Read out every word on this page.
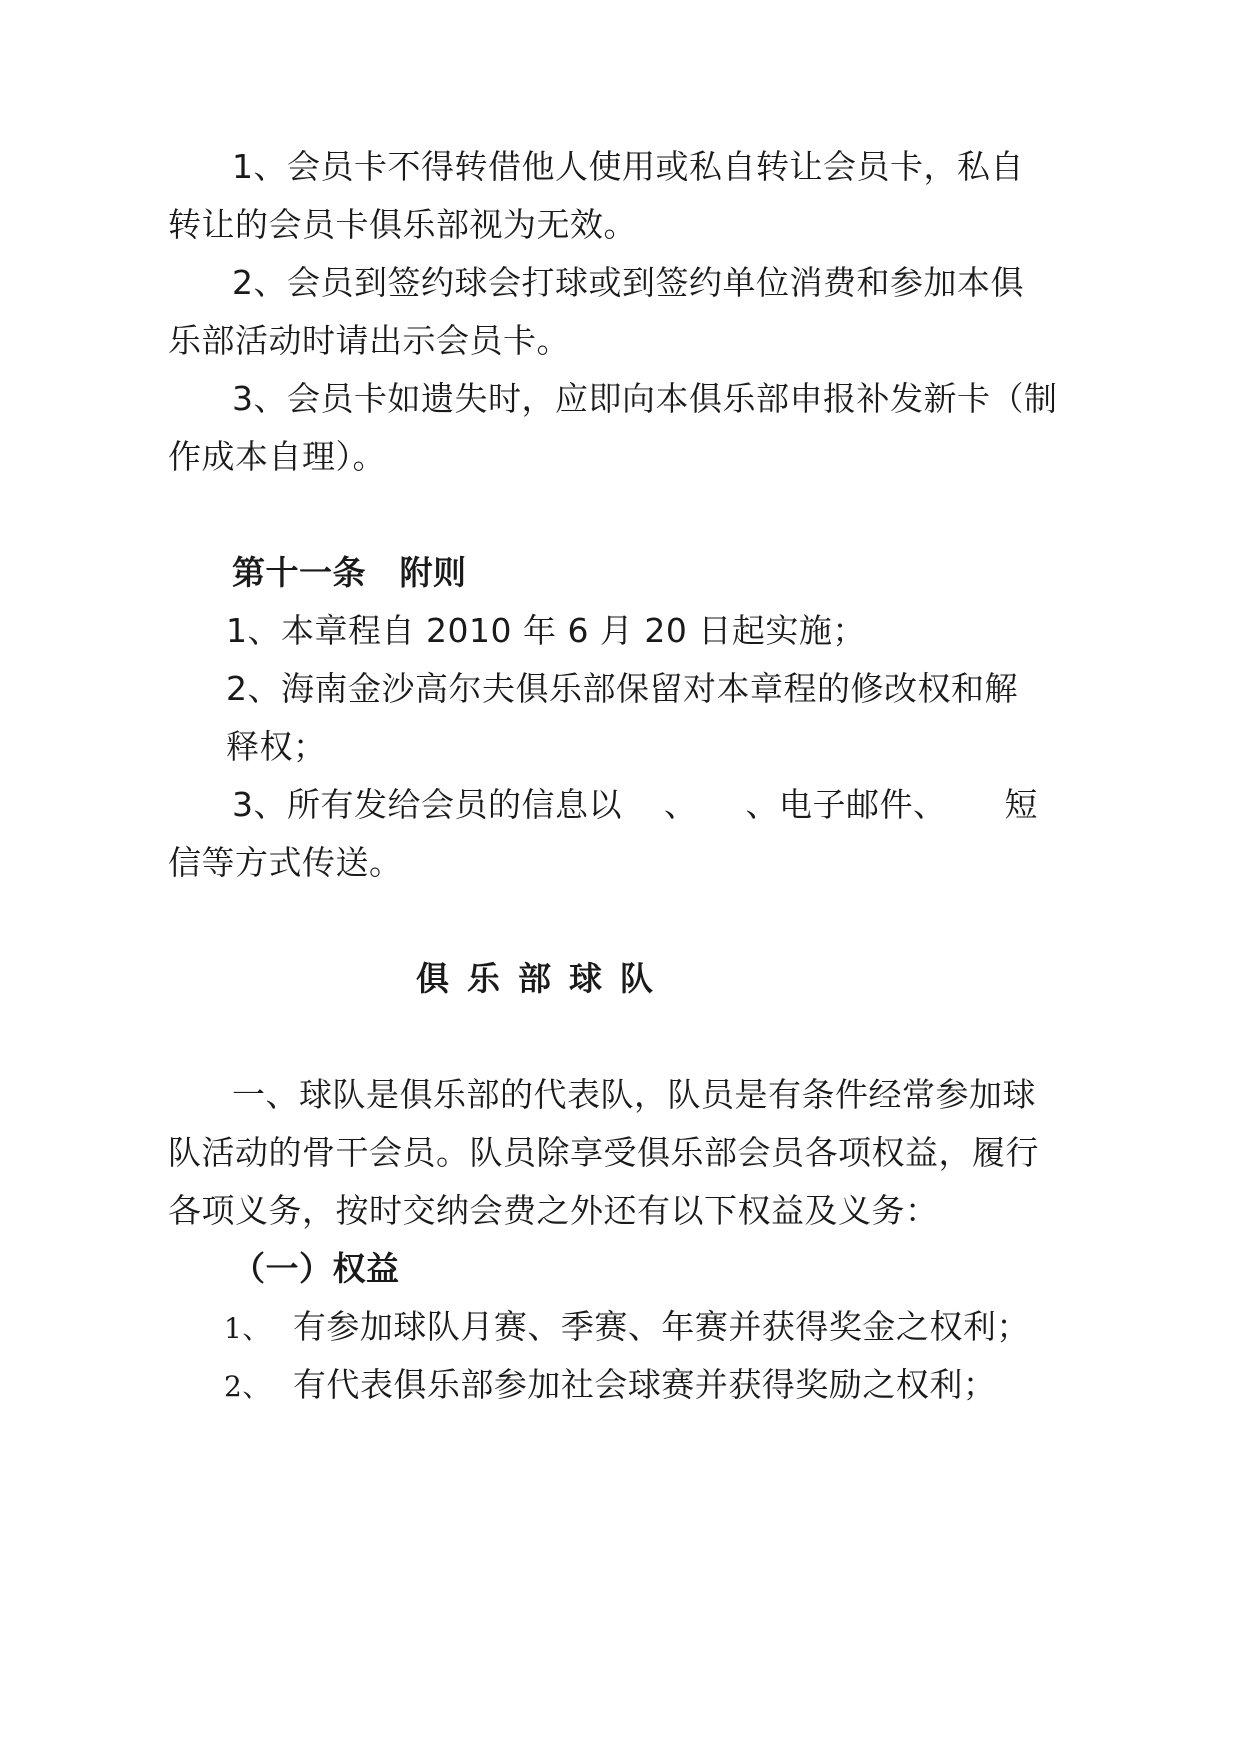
1、会员卡不得转借他人使用或私自转让会员卡，私自
转让的会员卡俱乐部视为无效。
2、会员到签约球会打球或到签约单位消费和参加本俱
乐部活动时请出示会员卡。
3、会员卡如遗失时，应即向本俱乐部申报补发新卡（制
作成本自理）。
第十一条　附则
1、本章程自 2010 年 6 月 20 日起实施；
2、海南金沙高尔夫俱乐部保留对本章程的修改权和解
释权；
3、所有发给会员的信息以 、 、电子邮件、 短
信等方式传送。
俱乐部球队
一、球队是俱乐部的代表队，队员是有条件经常参加球
队活动的骨干会员。队员除享受俱乐部会员各项权益，履行
各项义务，按时交纳会费之外还有以下权益及义务：
（一）权益
1、 有参加球队月赛、季赛、年赛并获得奖金之权利；
2、 有代表俱乐部参加社会球赛并获得奖励之权利；
